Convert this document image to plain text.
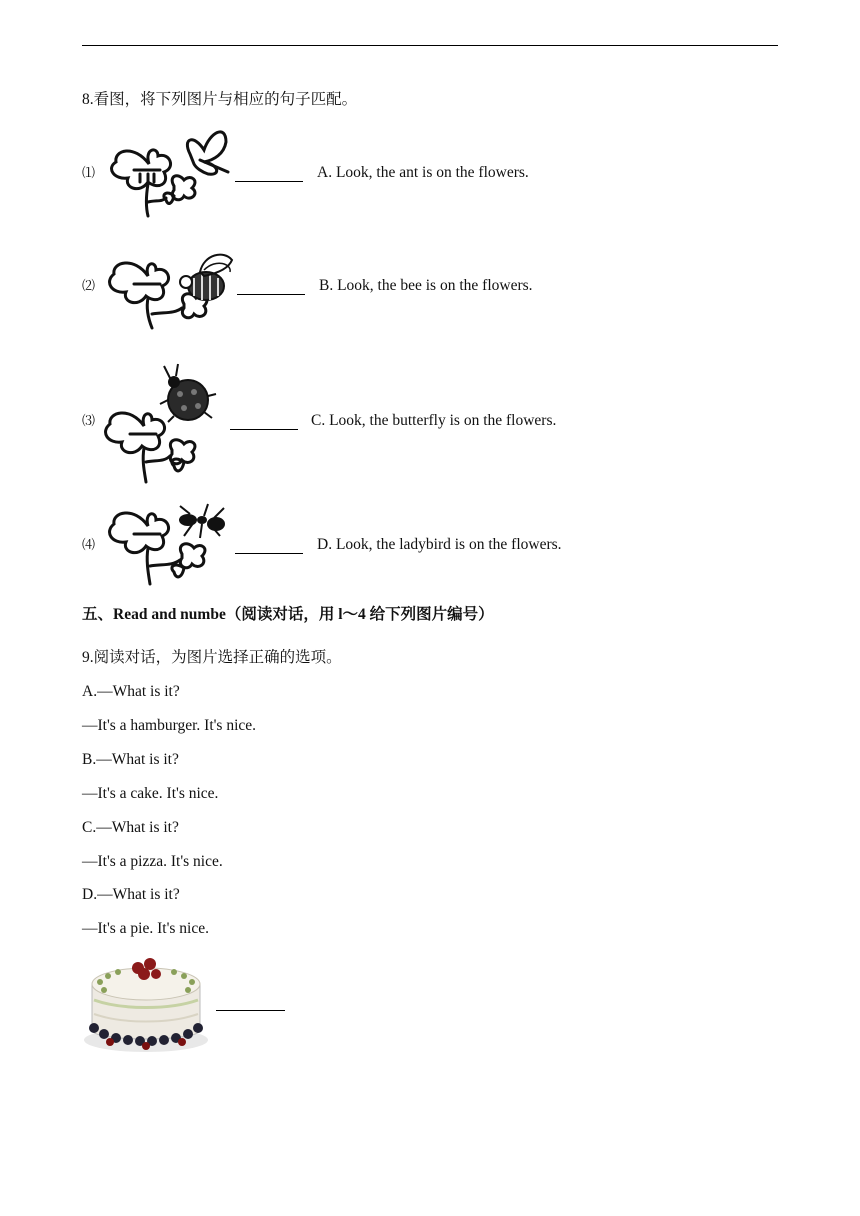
8.看图，将下列图片与相应的句子匹配。
⑴	A. Look, the ant is on the flowers.
⑵	B. Look, the bee is on the flowers.
⑶	C. Look, the butterfly is on the flowers.
⑷	D. Look, the ladybird is on the flowers.
五、Read and numbe（阅读对话，用 l～4 给下列图片编号）
9.阅读对话，为图片选择正确的选项。
A.—What is it?
—It's a hamburger. It's nice.
B.—What is it?
—It's a cake. It's nice.
C.—What is it?
—It's a pizza. It's nice.
D.—What is it?
—It's a pie. It's nice.
